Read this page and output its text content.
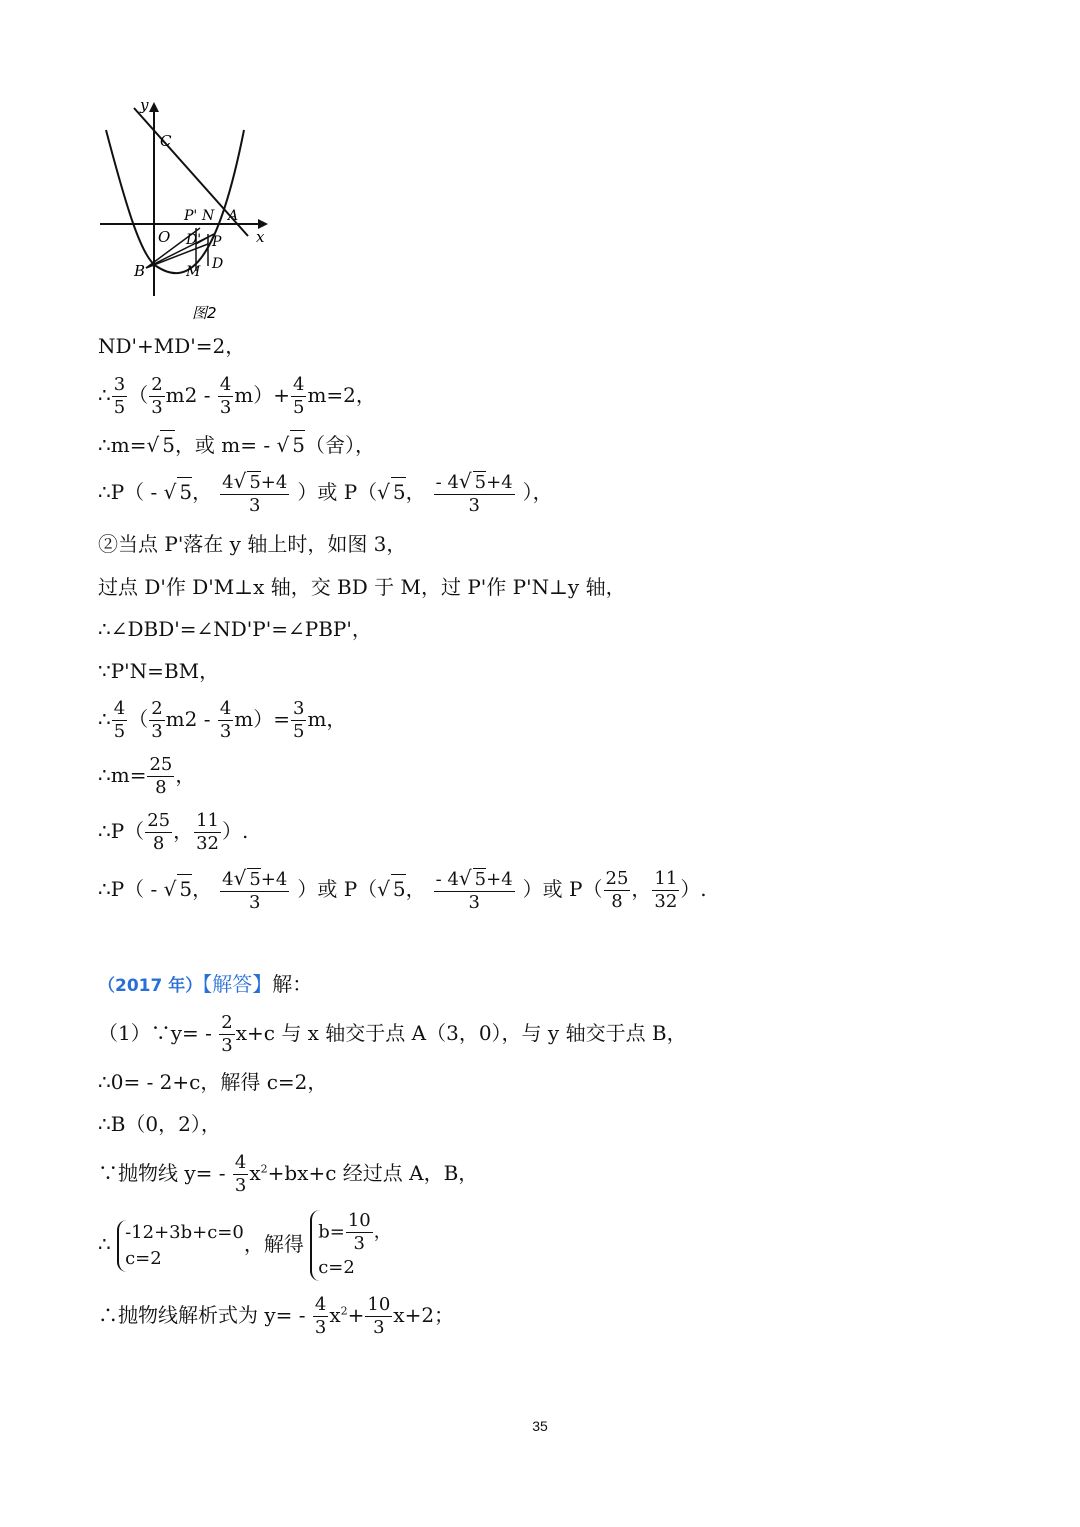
y
x
C
O
B
P' N A
D' P
D
M
图2
ND'+MD'=2，
∴ $\frac{3}{5}$ （ $\frac{2}{3} m2 - \frac{4}{3} m)+ \frac{4}{5} m=2$，
∴m=√ 5，或 m= - √ 5（舍），
∴P（ - √ 5， $\frac{4√ 5+4}{3}$ ）或 P（√ 5， $\frac{- 4√ 5+4}{3}$ ），
②当点 P'落在 y 轴上时，如图 3，
过点 D'作 D'M⊥x 轴，交 BD 于 M，过 P'作 P'N⊥y 轴，
∴∠DBD'=∠ND'P'=∠PBP'，
∵P'N=BM，
∴ $\frac{4}{5}$ （ $\frac{2}{3} m2 - \frac{4}{3} m)= \frac{3}{5}$ m，
∴m= $\frac{25}{8}$ ，
∴P（ $\frac{25}{8}$ ， $\frac{11}{32}$ ）.
∴P（ - √ 5， $\frac{4√ 5+4}{3}$ ）或 P（√ 5， $\frac{- 4√ 5+4}{3}$ ）或 $P( \frac{25}{8}$ ， $\frac{11}{32}$ ）.
（2017 年）【解答】解：
（1）∵y= - $\frac{2}{3} x+c$ 与 x 轴交于点 A（3，0），与 y 轴交于点 B，
∴0= - 2+c，解得 c=2，
∴B（0，2），
∵抛物线 $y= - \frac{4}{3} x^2+bx+c$ 经过点 A，B，
∴ -12+3b+c=0
c=2，解得 $b= \frac{10}{3}$ ，
c=2
∴抛物线解析式为 $y= - \frac{4}{3} x^2+ \frac{10}{3} x+2$；
35
